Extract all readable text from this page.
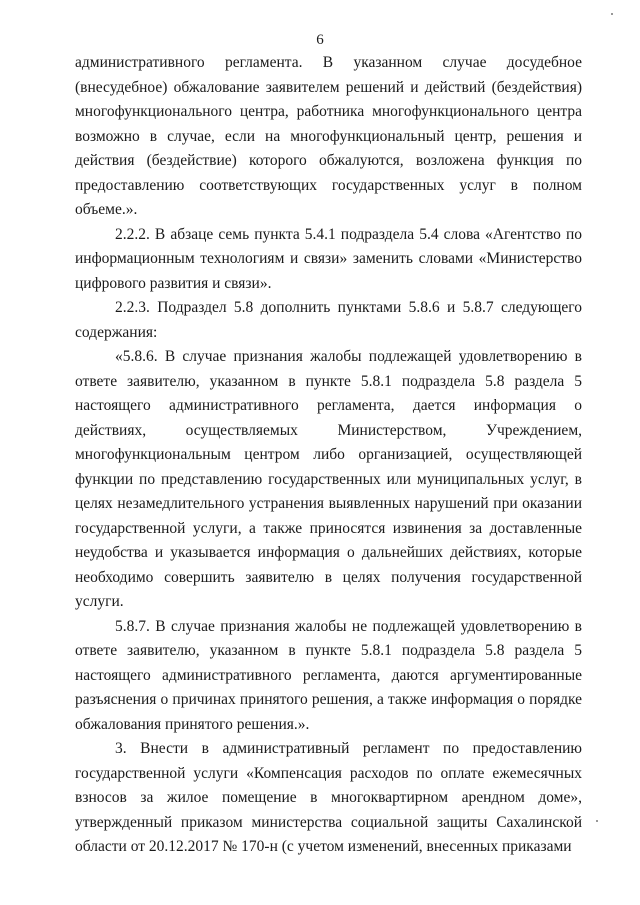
6

административного регламента. В указанном случае досудебное (внесудебное) обжалование заявителем решений и действий (бездействия) многофункционального центра, работника многофункционального центра возможно в случае, если на многофункциональный центр, решения и действия (бездействие) которого обжалуются, возложена функция по предоставлению соответствующих государственных услуг в полном объеме.».

2.2.2. В абзаце семь пункта 5.4.1 подраздела 5.4 слова «Агентство по информационным технологиям и связи» заменить словами «Министерство цифрового развития и связи».

2.2.3. Подраздел 5.8 дополнить пунктами 5.8.6 и 5.8.7 следующего содержания:

«5.8.6. В случае признания жалобы подлежащей удовлетворению в ответе заявителю, указанном в пункте 5.8.1 подраздела 5.8 раздела 5 настоящего административного регламента, дается информация о действиях, осуществляемых Министерством, Учреждением, многофункциональным центром либо организацией, осуществляющей функции по представлению государственных или муниципальных услуг, в целях незамедлительного устранения выявленных нарушений при оказании государственной услуги, а также приносятся извинения за доставленные неудобства и указывается информация о дальнейших действиях, которые необходимо совершить заявителю в целях получения государственной услуги.

5.8.7. В случае признания жалобы не подлежащей удовлетворению в ответе заявителю, указанном в пункте 5.8.1 подраздела 5.8 раздела 5 настоящего административного регламента, даются аргументированные разъяснения о причинах принятого решения, а также информация о порядке обжалования принятого решения.».

3. Внести в административный регламент по предоставлению государственной услуги «Компенсация расходов по оплате ежемесячных взносов за жилое помещение в многоквартирном арендном доме», утвержденный приказом министерства социальной защиты Сахалинской области от 20.12.2017 № 170-н (с учетом изменений, внесенных приказами
